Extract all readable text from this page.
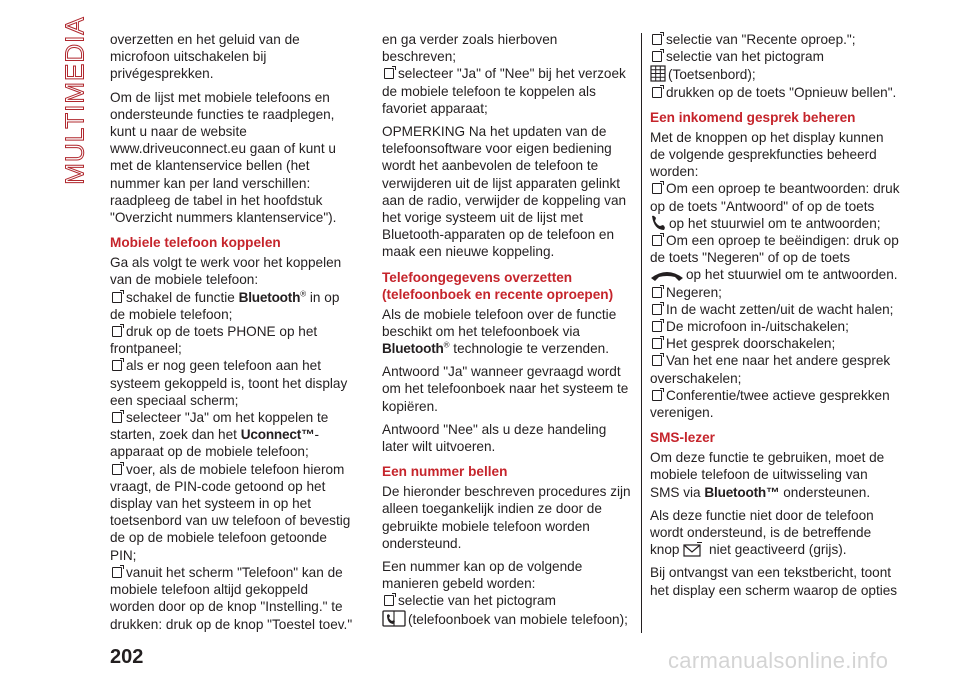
MULTIMEDIA overzetten en het geluid van de microfoon uitschakelen bij privégesprekken.

Om de lijst met mobiele telefoons en ondersteunde functies te raadplegen, kunt u naar de website www.driveuconnect.eu gaan of kunt u met de klantenservice bellen (het nummer kan per land verschillen: raadpleeg de tabel in het hoofdstuk "Overzicht nummers klantenservice").

Mobiele telefoon koppelen

Ga als volgt te werk voor het koppelen van de mobiele telefoon:

schakel de functie Bluetooth® in op de mobiele telefoon;

druk op de toets PHONE op het frontpaneel;

als er nog geen telefoon aan het systeem gekoppeld is, toont het display een speciaal scherm;

selecteer "Ja" om het koppelen te starten, zoek dan het Uconnect™-apparaat op de mobiele telefoon;

voer, als de mobiele telefoon hierom vraagt, de PIN-code getoond op het display van het systeem in op het toetsenbord van uw telefoon of bevestig de op de mobiele telefoon getoonde PIN;

vanuit het scherm "Telefoon" kan de mobiele telefoon altijd gekoppeld worden door op de knop "Instelling." te drukken: druk op de knop "Toestel toev."

en ga verder zoals hierboven beschreven;

selecteer "Ja" of "Nee" bij het verzoek de mobiele telefoon te koppelen als favoriet apparaat;

OPMERKING Na het updaten van de telefoonsoftware voor eigen bediening wordt het aanbevolen de telefoon te verwijderen uit de lijst apparaten gelinkt aan de radio, verwijder de koppeling van het vorige systeem uit de lijst met Bluetooth-apparaten op de telefoon en maak een nieuwe koppeling.

Telefoongegevens overzetten (telefoonboek en recente oproepen)

Als de mobiele telefoon over de functie beschikt om het telefoonboek via Bluetooth® technologie te verzenden.

Antwoord "Ja" wanneer gevraagd wordt om het telefoonboek naar het systeem te kopiëren.

Antwoord "Nee" als u deze handeling later wilt uitvoeren.

Een nummer bellen

De hieronder beschreven procedures zijn alleen toegankelijk indien ze door de gebruikte mobiele telefoon worden ondersteund.

Een nummer kan op de volgende manieren gebeld worden:

selectie van het pictogram
(telefoonboek van mobiele telefoon);

selectie van "Recente oproep.";

selectie van het pictogram
(Toetsenbord);

drukken op de toets "Opnieuw bellen".

Een inkomend gesprek beheren

Met de knoppen op het display kunnen de volgende gesprekfuncties beheerd worden:

Om een oproep te beantwoorden: druk op de toets "Antwoord" of op de toets
op het stuurwiel om te antwoorden;

Om een oproep te beëindigen: druk op de toets "Negeren" of op de toets
op het stuurwiel om te antwoorden.

Negeren;

In de wacht zetten/uit de wacht halen;

De microfoon in-/uitschakelen;

Het gesprek doorschakelen;

Van het ene naar het andere gesprek overschakelen;

Conferentie/twee actieve gesprekken verenigen.

SMS-lezer

Om deze functie te gebruiken, moet de mobiele telefoon de uitwisseling van SMS via Bluetooth™ ondersteunen.

Als deze functie niet door de telefoon wordt ondersteund, is de betreffende knop  niet geactiveerd (grijs).

Bij ontvangst van een tekstbericht, toont het display een scherm waarop de opties

202	carmanualsonline.info
